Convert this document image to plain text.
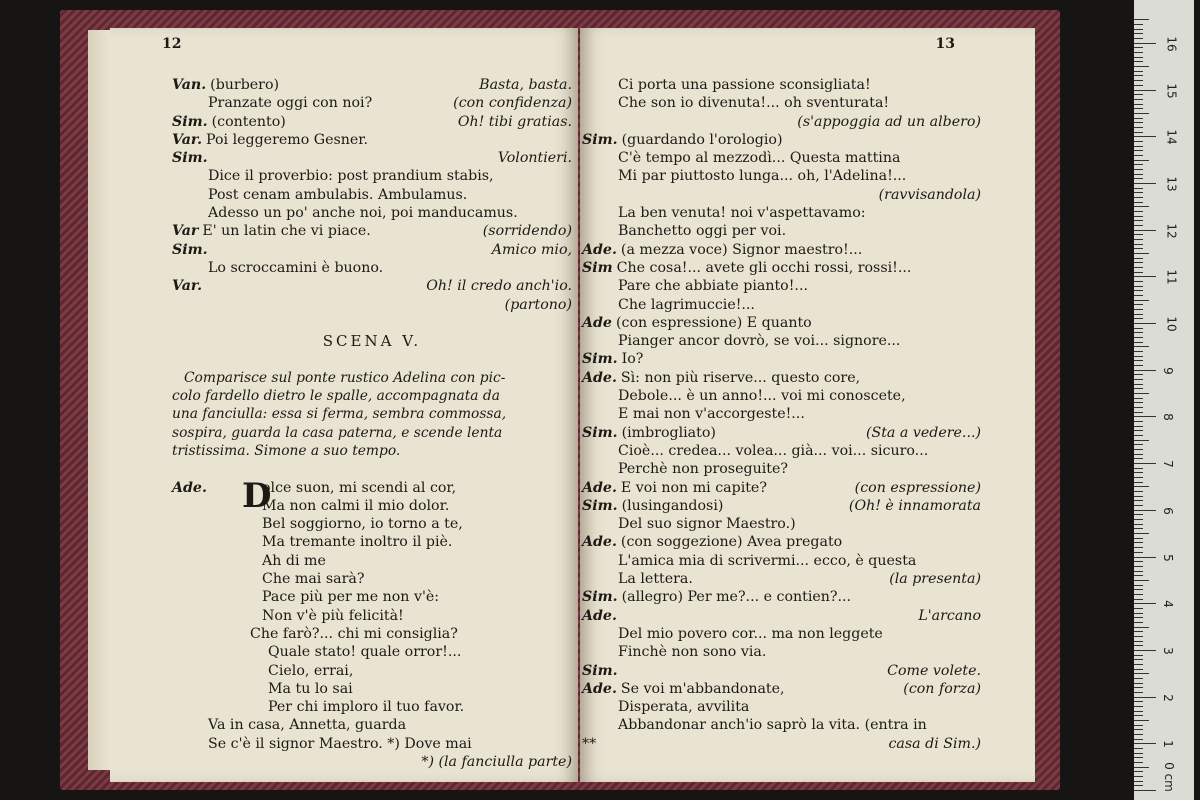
12
Van. (burbero)	Basta, basta.
Pranzate oggi con noi?	(con confidenza)
Sim. (contento)	Oh! tibi gratias.
Var. Poi leggeremo Gesner.
Sim.	Volontieri.
Dice il proverbio: post prandium stabis,
Post cenam ambulabis. Ambulamus.
Adesso un po' anche noi, poi manducamus.
Var E' un latin che vi piace.	(sorridendo)
Sim.	Amico mio,
Lo scroccamini è buono.
Var.	Oh! il credo anch'io.
(partono)
SCENA V.
Comparisce sul ponte rustico Adelina con pic-
colo fardello dietro le spalle, accompagnata da
una fanciulla: essa si ferma, sembra commossa,
sospira, guarda la casa paterna, e scende lenta
tristissima. Simone a suo tempo.
olce suon, mi scendi al cor,
Ade. D
Ma non calmi il mio dolor.
Bel soggiorno, io torno a te,
Ma tremante inoltro il piè.
Ah di me
Che mai sarà?
Pace più per me non v'è:
Non v'è più felicità!
Che farò?... chi mi consiglia?
Quale stato! quale orror!...
Cielo, errai,
Ma tu lo sai
Per chi imploro il tuo favor.
Va in casa, Annetta, guarda
Se c'è il signor Maestro. *) Dove mai
*) (la fanciulla parte)
13
Ci porta una passione sconsigliata!
Che son io divenuta!... oh sventurata!
(s'appoggia ad un albero)
Sim. (guardando l'orologio)
C'è tempo al mezzodì... Questa mattina
Mi par piuttosto lunga... oh, l'Adelina!...
(ravvisandola)
La ben venuta! noi v'aspettavamo:
Banchetto oggi per voi.
Ade. (a mezza voce) Signor maestro!...
Sim Che cosa!... avete gli occhi rossi, rossi!...
Pare che abbiate pianto!...
Che lagrimuccie!...
Ade (con espressione) E quanto
Pianger ancor dovrò, se voi... signore...
Sim. Io?
Ade. Sì: non più riserve... questo core,
Debole... è un anno!... voi mi conoscete,
E mai non v'accorgeste!...
Sim. (imbrogliato)	(Sta a vedere...)
Cioè... credea... volea... già... voi... sicuro...
Perchè non proseguite?
Ade. E voi non mi capite?	(con espressione)
Sim. (lusingandosi)	(Oh! è innamorata
Del suo signor Maestro.)
Ade. (con soggezione) Avea pregato
L'amica mia di scrivermi... ecco, è questa
La lettera.	(la presenta)
Sim. (allegro) Per me?... e contien?...
Ade.	L'arcano
Del mio povero cor... ma non leggete
Finchè non sono via.
Sim.	Come volete.
Ade. Se voi m'abbandonate,	(con forza)
Disperata, avvilita
Abbandonar anch'io saprò la vita. (entra in
**	casa di Sim.)	1
2
3
4
5
6
7
8
9
10
11
12
13
14
15
16
0 cm
